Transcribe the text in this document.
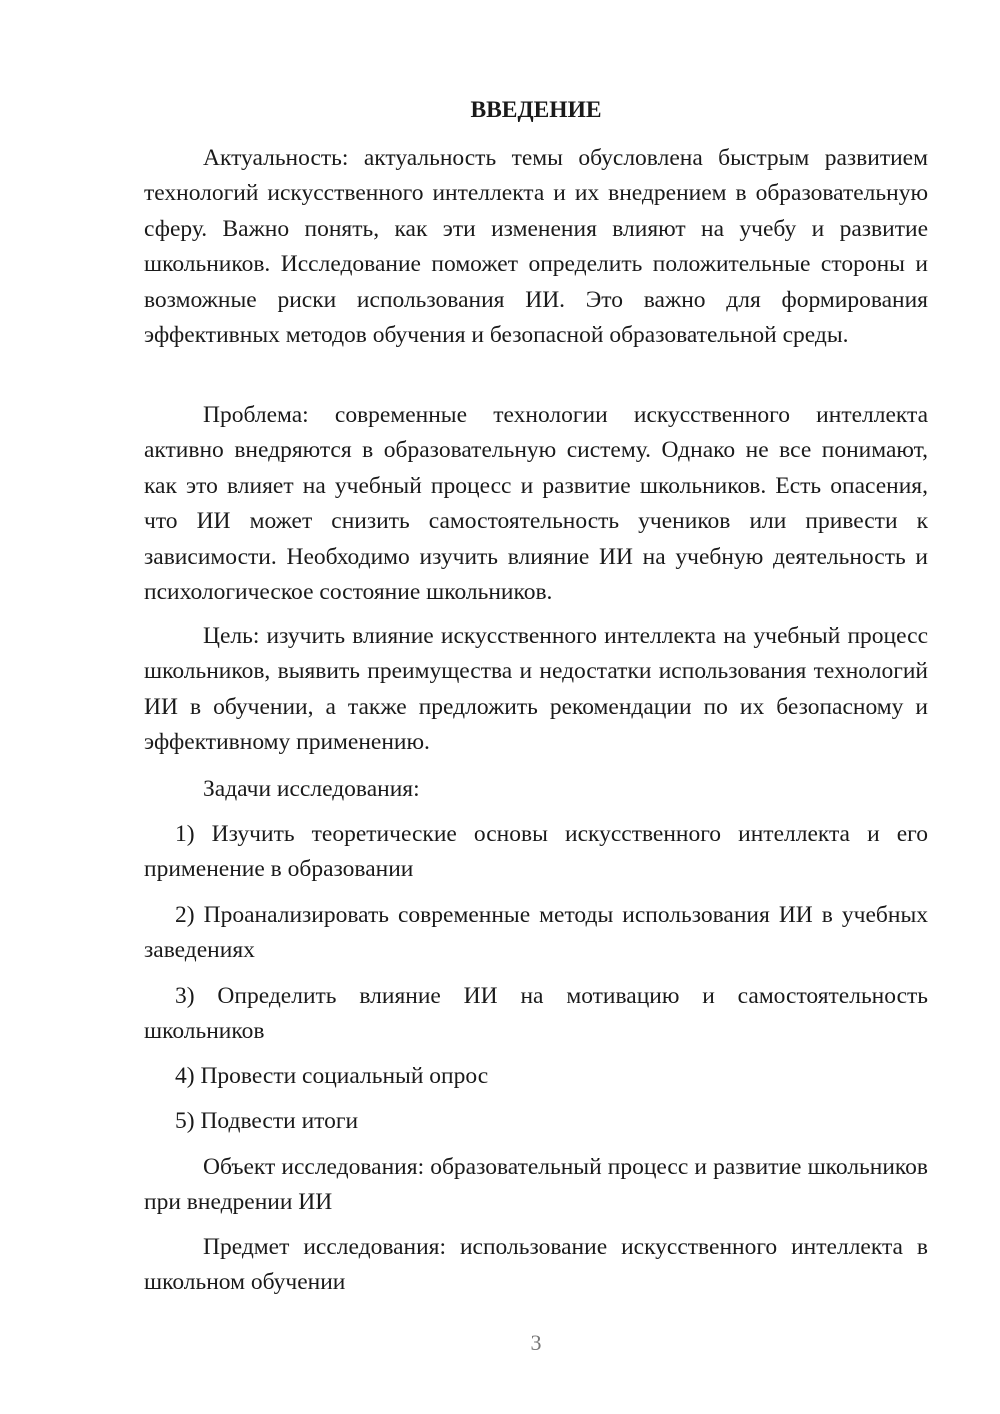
ВВЕДЕНИЕ

Актуальность: актуальность темы обусловлена быстрым развитием технологий искусственного интеллекта и их внедрением в образовательную сферу. Важно понять, как эти изменения влияют на учебу и развитие школьников. Исследование поможет определить положительные стороны и возможные риски использования ИИ. Это важно для формирования эффективных методов обучения и безопасной образовательной среды.

Проблема: современные технологии искусственного интеллекта активно внедряются в образовательную систему. Однако не все понимают, как это влияет на учебный процесс и развитие школьников. Есть опасения, что ИИ может снизить самостоятельность учеников или привести к зависимости. Необходимо изучить влияние ИИ на учебную деятельность и психологическое состояние школьников.

Цель: изучить влияние искусственного интеллекта на учебный процесс школьников, выявить преимущества и недостатки использования технологий ИИ в обучении, а также предложить рекомендации по их безопасному и эффективному применению.

Задачи исследования:

1) Изучить теоретические основы искусственного интеллекта и его применение в образовании

2) Проанализировать современные методы использования ИИ в учебных заведениях

3) Определить влияние ИИ на мотивацию и самостоятельность школьников

4) Провести социальный опрос

5) Подвести итоги

Объект исследования: образовательный процесс и развитие школьников при внедрении ИИ

Предмет исследования: использование искусственного интеллекта в школьном обучении

3
